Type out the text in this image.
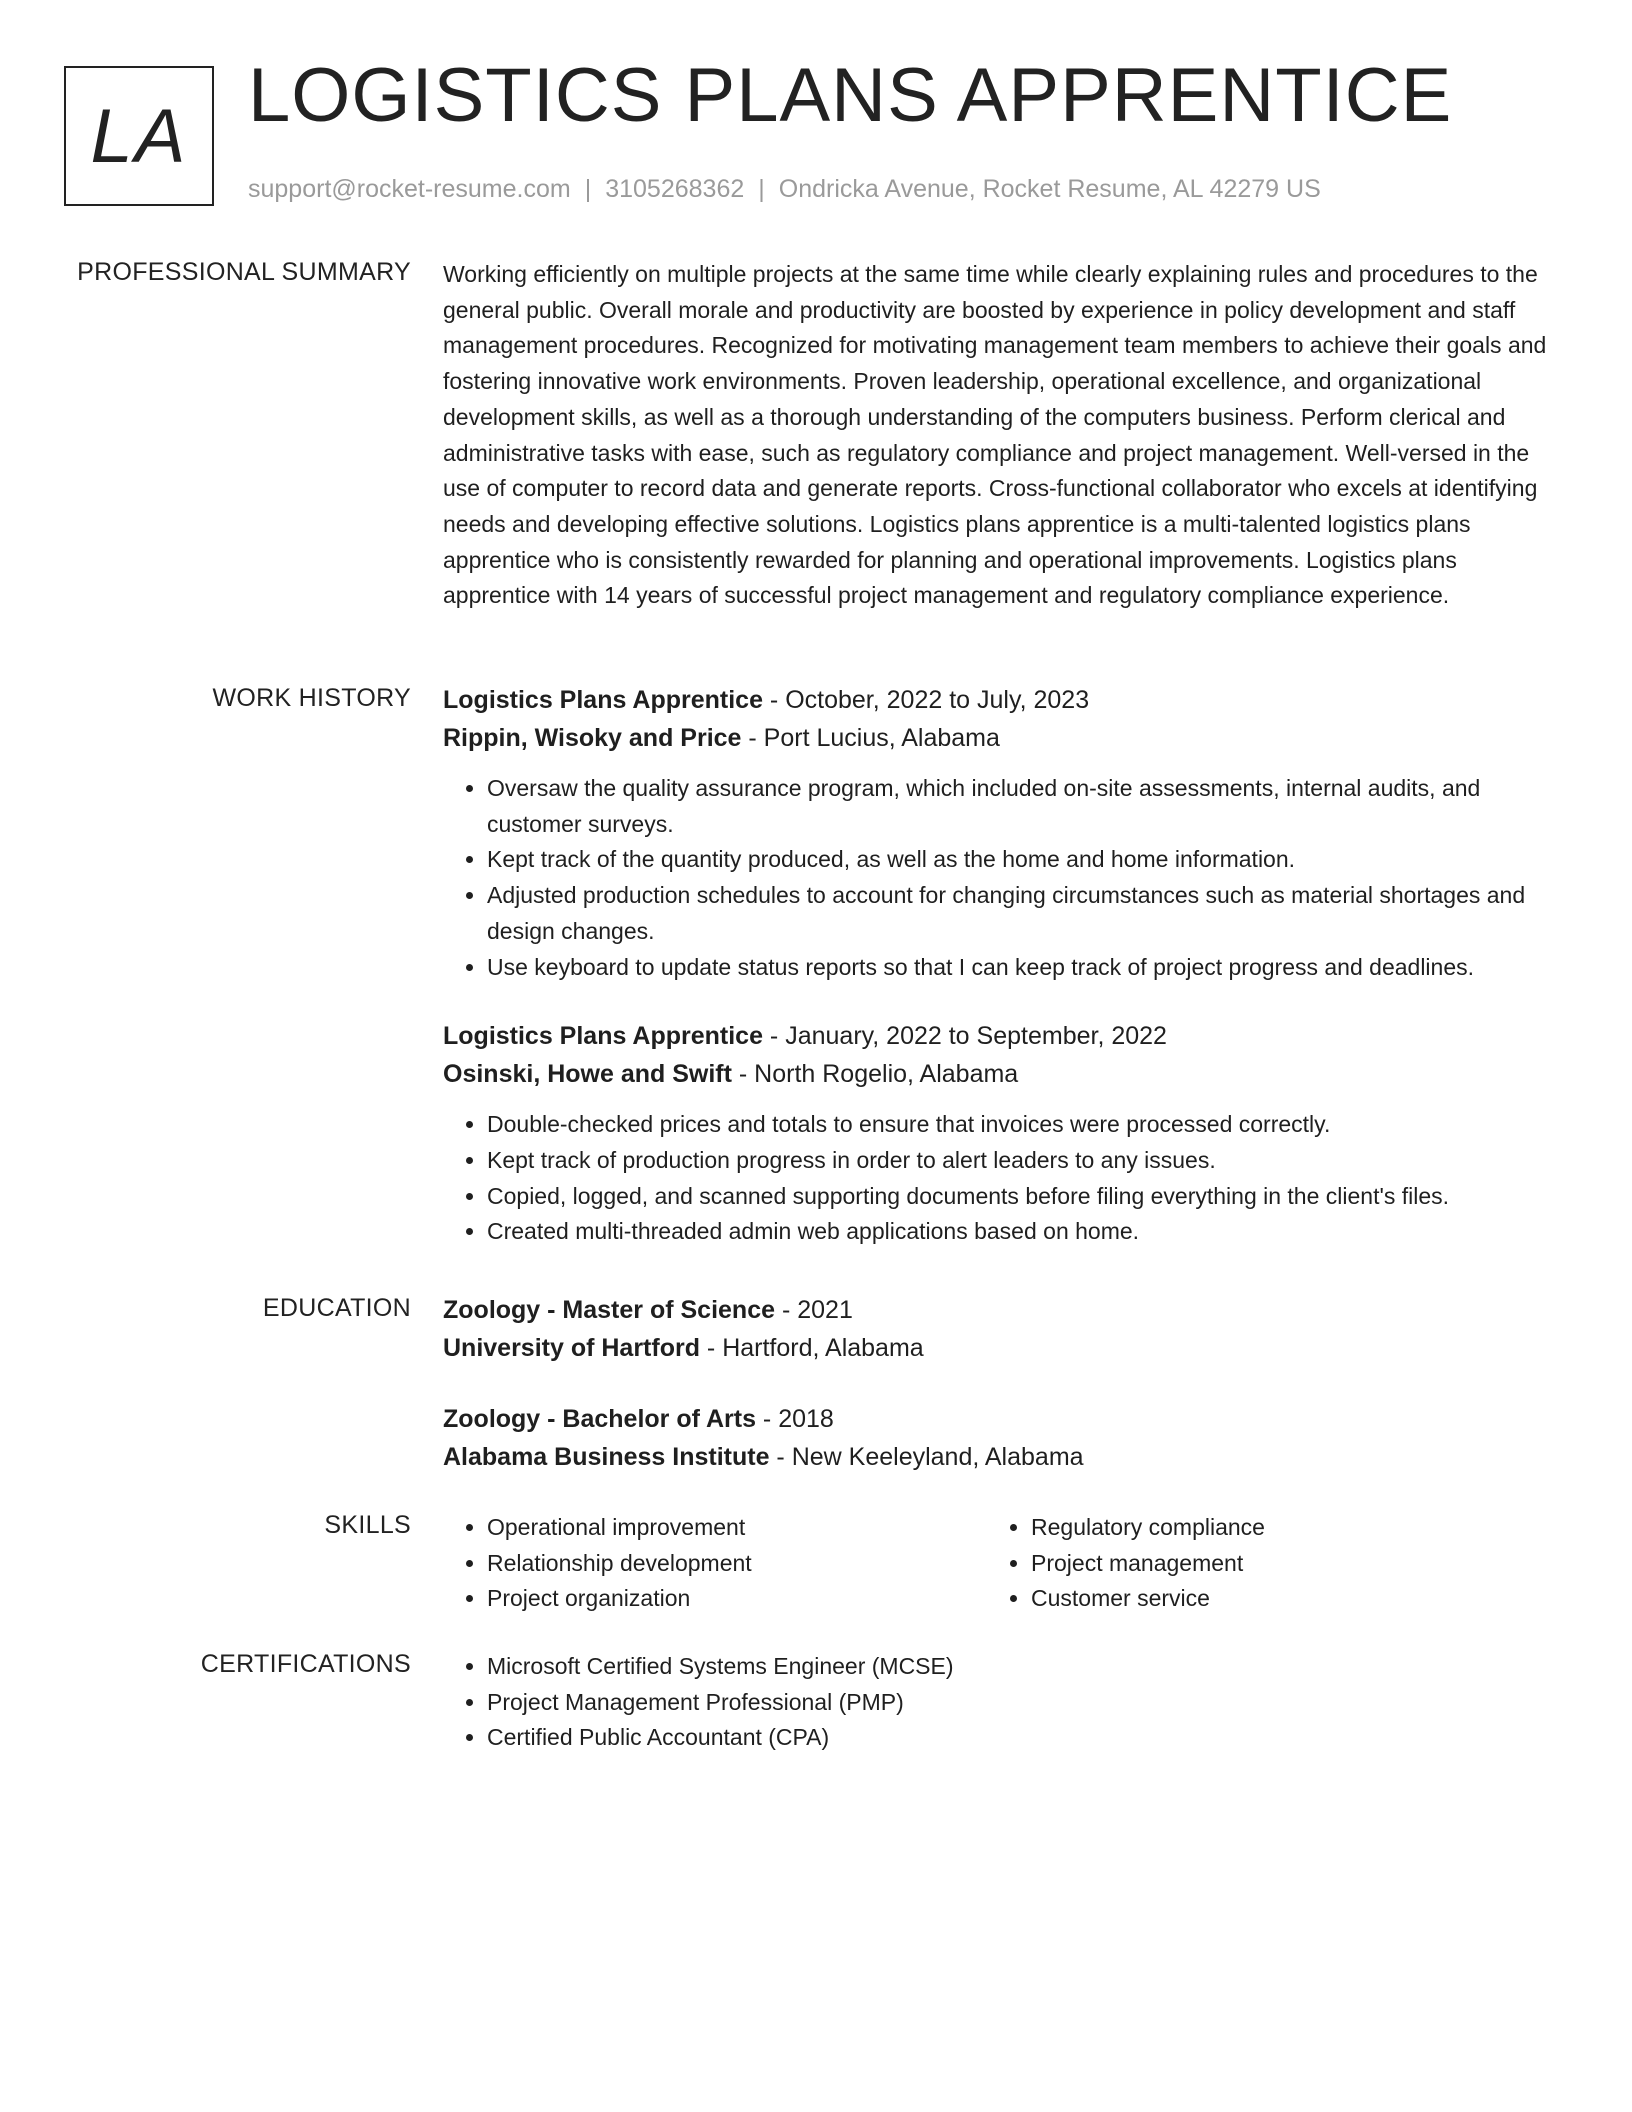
LA LOGISTICS PLANS APPRENTICE
support@rocket-resume.com | 3105268362 | Ondricka Avenue, Rocket Resume, AL 42279 US
PROFESSIONAL SUMMARY Working efficiently on multiple projects at the same time while clearly explaining rules and procedures to the general public. Overall morale and productivity are boosted by experience in policy development and staff management procedures. Recognized for motivating management team members to achieve their goals and fostering innovative work environments. Proven leadership, operational excellence, and organizational development skills, as well as a thorough understanding of the computers business. Perform clerical and administrative tasks with ease, such as regulatory compliance and project management. Well-versed in the use of computer to record data and generate reports. Cross-functional collaborator who excels at identifying needs and developing effective solutions. Logistics plans apprentice is a multi-talented logistics plans apprentice who is consistently rewarded for planning and operational improvements. Logistics plans apprentice with 14 years of successful project management and regulatory compliance experience.

WORK HISTORY Logistics Plans Apprentice - October, 2022 to July, 2023
Rippin, Wisoky and Price - Port Lucius, Alabama
• Oversaw the quality assurance program, which included on-site assessments, internal audits, and customer surveys.
• Kept track of the quantity produced, as well as the home and home information.
• Adjusted production schedules to account for changing circumstances such as material shortages and design changes.
• Use keyboard to update status reports so that I can keep track of project progress and deadlines.
Logistics Plans Apprentice - January, 2022 to September, 2022
Osinski, Howe and Swift - North Rogelio, Alabama
• Double-checked prices and totals to ensure that invoices were processed correctly.
• Kept track of production progress in order to alert leaders to any issues.
• Copied, logged, and scanned supporting documents before filing everything in the client's files.
• Created multi-threaded admin web applications based on home.
EDUCATION Zoology - Master of Science - 2021
University of Hartford - Hartford, Alabama
Zoology - Bachelor of Arts - 2018
Alabama Business Institute - New Keeleyland, Alabama
SKILLS	• Operational improvement
• Relationship development
• Project organization
• Regulatory compliance
• Project management
• Customer service
CERTIFICATIONS	• Microsoft Certified Systems Engineer (MCSE)
• Project Management Professional (PMP)
• Certified Public Accountant (CPA)
